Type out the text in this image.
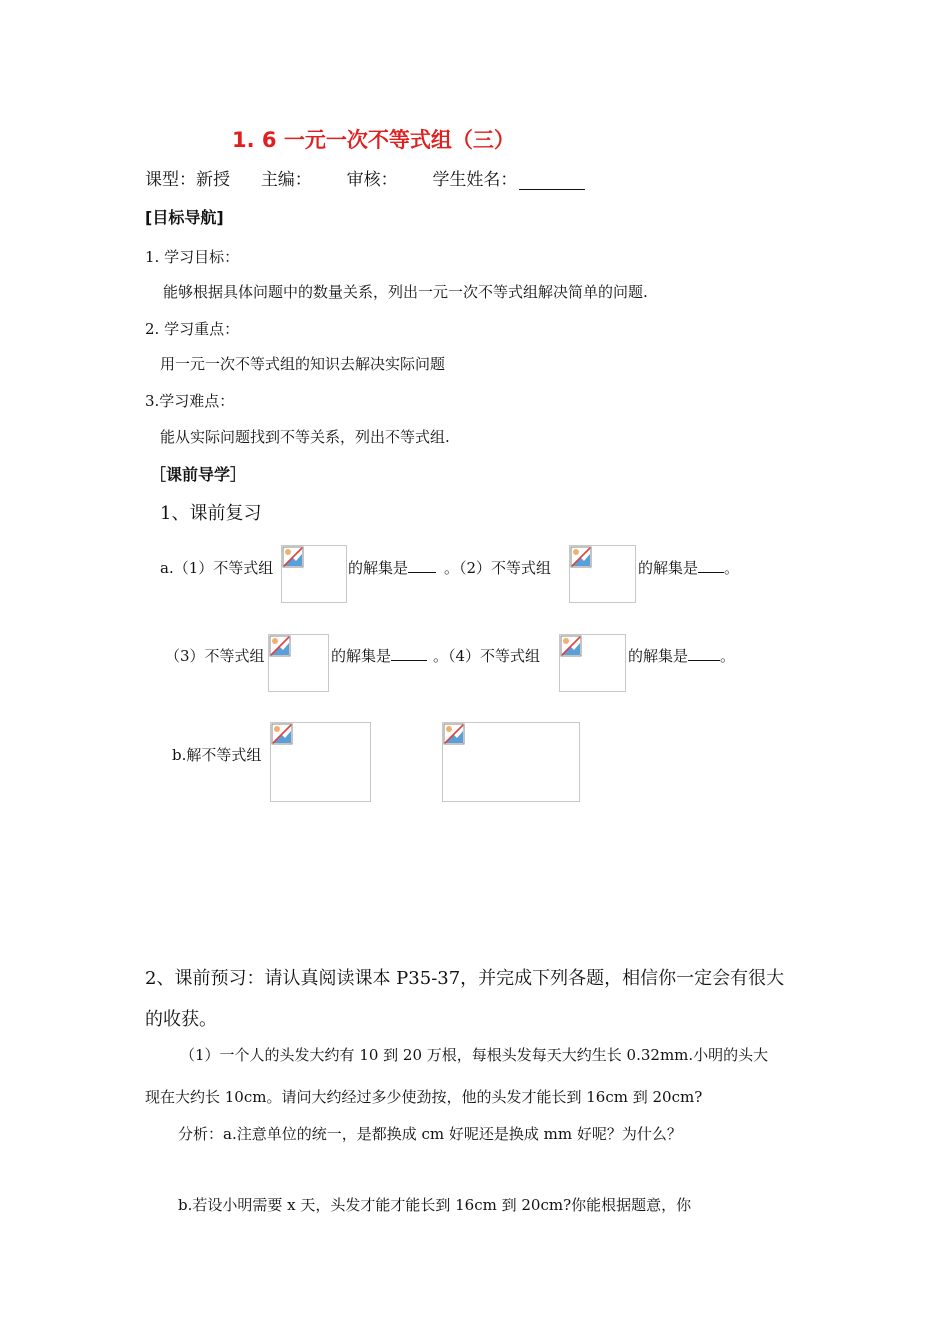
1. 6 一元一次不等式组（三）
课型：新授 主编： 审核： 学生姓名：
[目标导航]
1. 学习目标：
能够根据具体问题中的数量关系，列出一元一次不等式组解决简单的问题.
2. 学习重点：
用一元一次不等式组的知识去解决实际问题
3.学习难点：
能从实际问题找到不等关系，列出不等式组.
［课前导学］
1、课前复习
a.（1）不等式组	的解集是	。（2）不等式组	的解集是 。
（3）不等式组	的解集是	。（4）不等式组	的解集是 。
b.解不等式组
2、课前预习：请认真阅读课本 P35-37，并完成下列各题，相信你一定会有很大
的收获。
（1）一个人的头发大约有 10 到 20 万根，每根头发每天大约生长 0.32mm.小明的头大
现在大约长 10cm。请问大约经过多少使劲按，他的头发才能长到 16cm 到 20cm?
分析：a.注意单位的统一，是都换成 cm 好呢还是换成 mm 好呢？为什么？
b.若设小明需要 x 天，头发才能才能长到 16cm 到 20cm?你能根据题意，你
